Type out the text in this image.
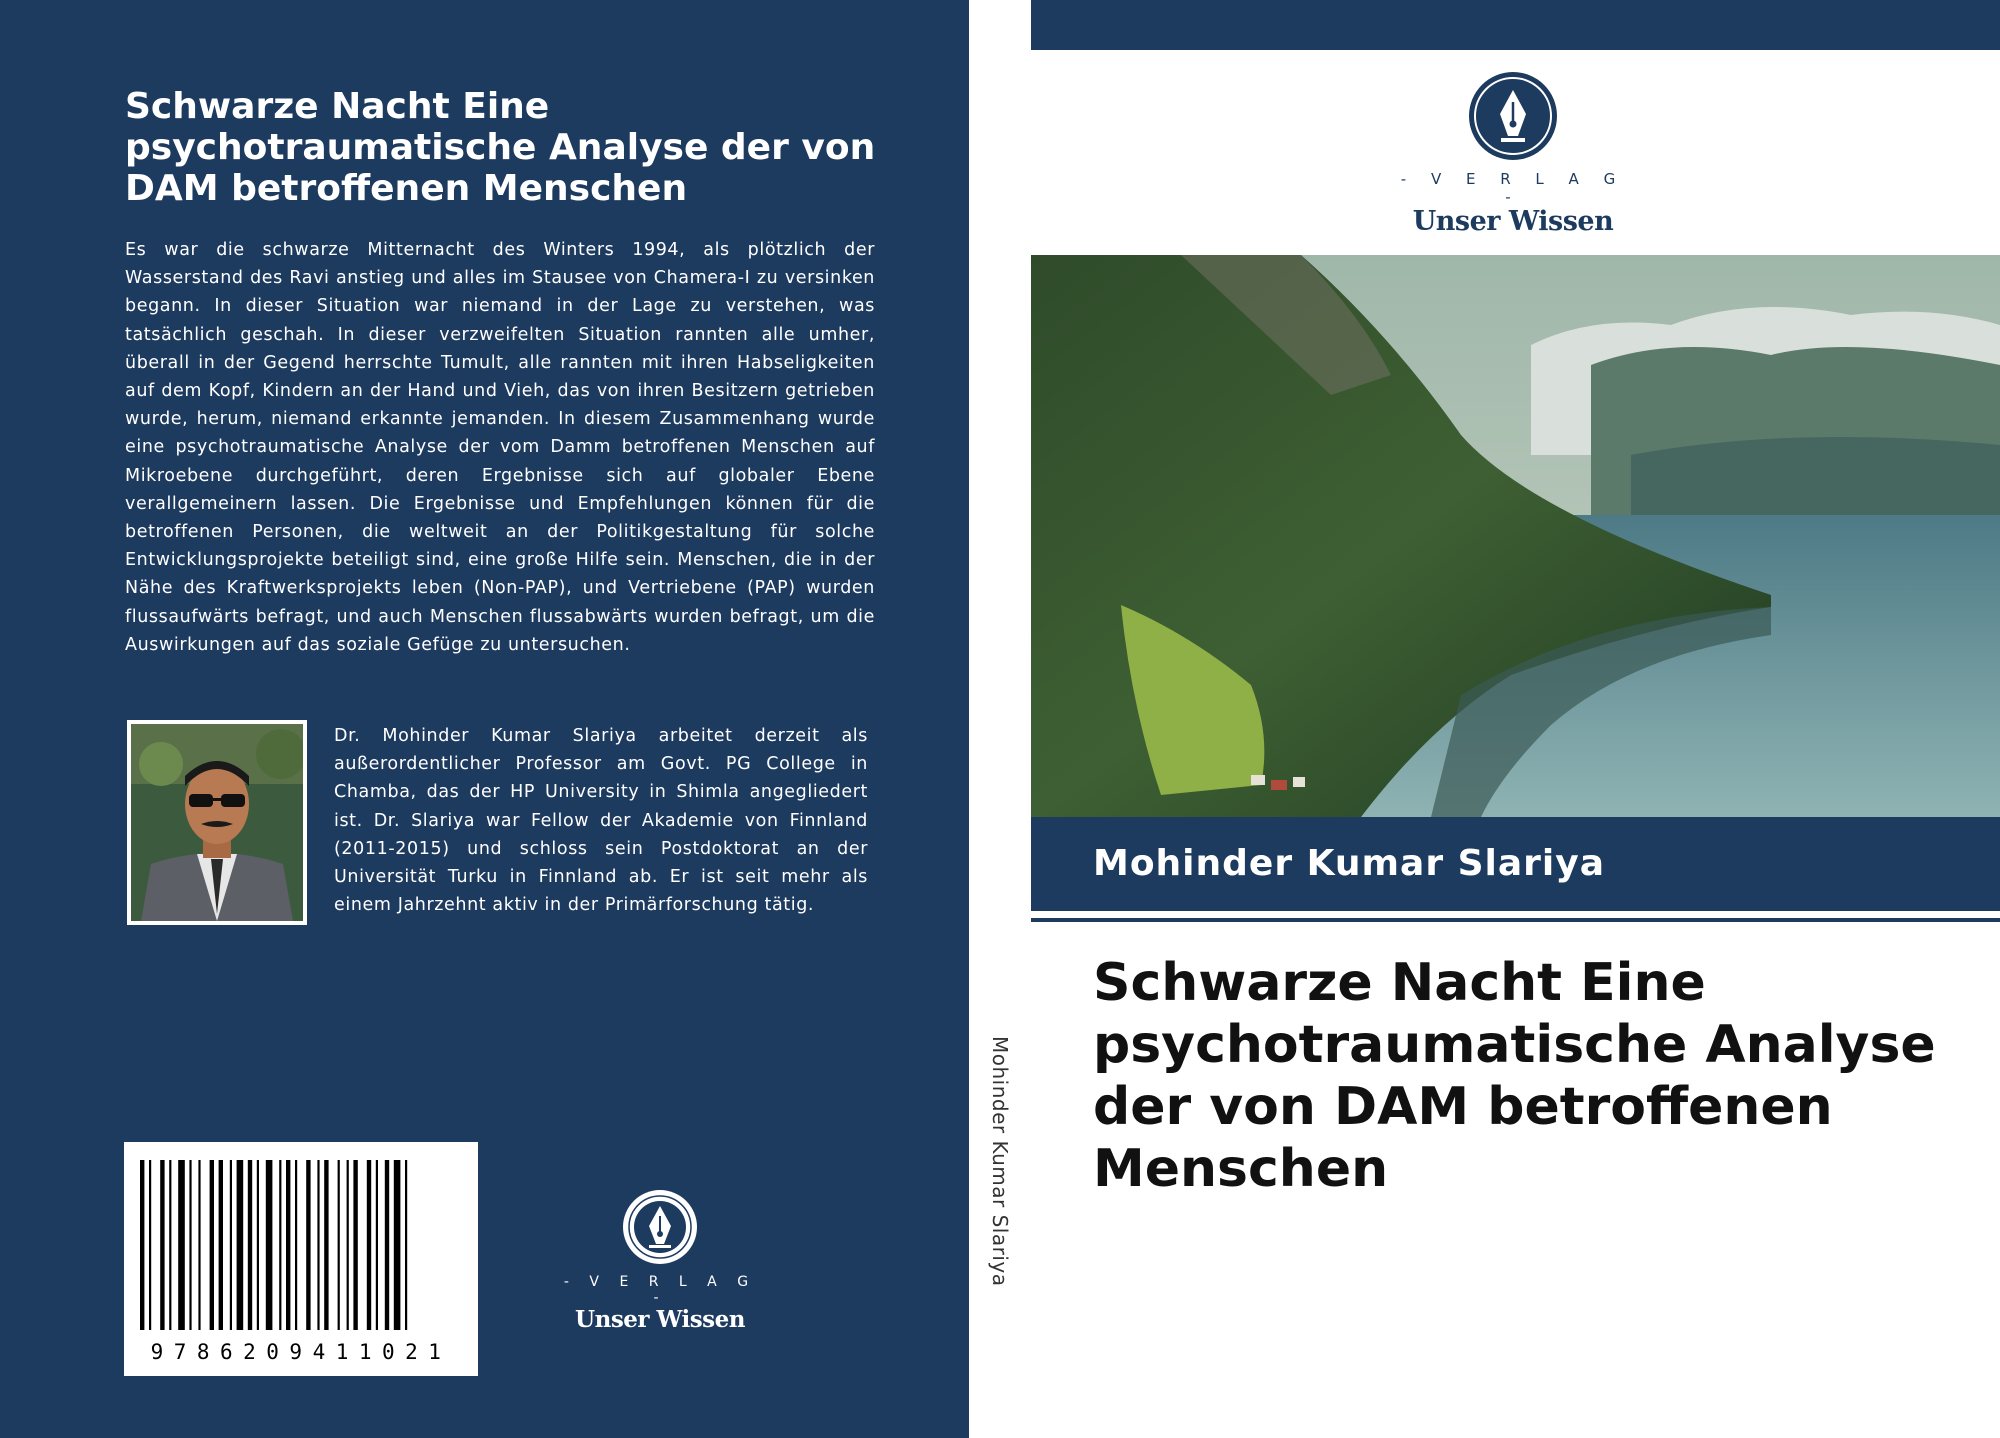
Schwarze Nacht Eine psychotraumatische Analyse der von DAM betroffenen Menschen

Es war die schwarze Mitternacht des Winters 1994, als plötzlich der Wasserstand des Ravi anstieg und alles im Stausee von Chamera-I zu versinken begann. In dieser Situation war niemand in der Lage zu verstehen, was tatsächlich geschah. In dieser verzweifelten Situation rannten alle umher, überall in der Gegend herrschte Tumult, alle rannten mit ihren Habseligkeiten auf dem Kopf, Kindern an der Hand und Vieh, das von ihren Besitzern getrieben wurde, herum, niemand erkannte jemanden. In diesem Zusammenhang wurde eine psychotraumatische Analyse der vom Damm betroffenen Menschen auf Mikroebene durchgeführt, deren Ergebnisse sich auf globaler Ebene verallgemeinern lassen. Die Ergebnisse und Empfehlungen können für die betroffenen Personen, die weltweit an der Politikgestaltung für solche Entwicklungsprojekte beteiligt sind, eine große Hilfe sein. Menschen, die in der Nähe des Kraftwerksprojekts leben (Non-PAP), und Vertriebene (PAP) wurden flussaufwärts befragt, und auch Menschen flussabwärts wurden befragt, um die Auswirkungen auf das soziale Gefüge zu untersuchen.

Dr. Mohinder Kumar Slariya arbeitet derzeit als außerordentlicher Professor am Govt. PG College in Chamba, das der HP University in Shimla angegliedert ist. Dr. Slariya war Fellow der Akademie von Finnland (2011-2015) und schloss sein Postdoktorat an der Universität Turku in Finnland ab. Er ist seit mehr als einem Jahrzehnt aktiv in der Primärforschung tätig.

9786209411021
- V E R L A G -
Unser Wissen
Mohinder Kumar Slariya
- V E R L A G -
Unser Wissen
Mohinder Kumar Slariya
Schwarze Nacht Eine psychotraumatische Analyse der von DAM betroffenen Menschen
